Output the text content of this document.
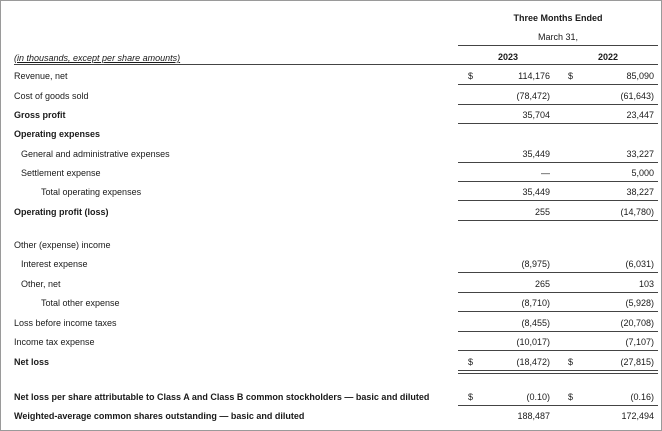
Three Months Ended
March 31,
(in thousands, except per share amounts)	2023	2022
Revenue, net	$	114,176 $	85,090
Cost of goods sold	(78,472)	(61,643)
Gross profit	35,704	23,447
Operating expenses
General and administrative expenses	35,449	33,227
Settlement expense	—	5,000
Total operating expenses	35,449	38,227
Operating profit (loss)	255	(14,780)
Other (expense) income
Interest expense	(8,975)	(6,031)
Other, net	265	103
Total other expense	(8,710)	(5,928)
Loss before income taxes	(8,455)	(20,708)
Income tax expense	(10,017)	(7,107)
Net loss	$	(18,472) $	(27,815)
Net loss per share attributable to Class A and Class B common stockholders — basic and diluted	$	(0.10) $	(0.16)
Weighted-average common shares outstanding — basic and diluted	188,487	172,494
